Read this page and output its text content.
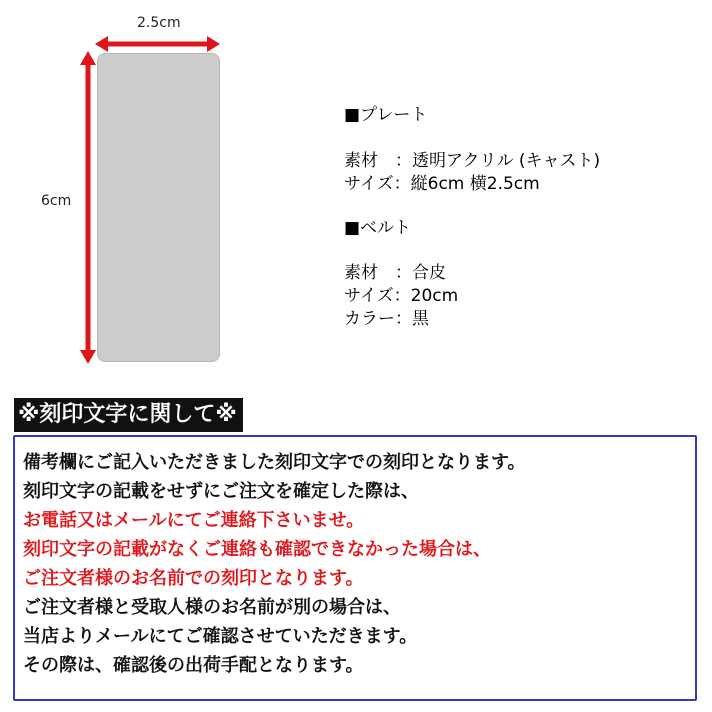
2.5cm
6cm
■プレート
素材　：透明アクリル (キャスト)
サイズ：縦6cm 横2.5cm
■ベルト
素材　：合皮
サイズ：20cm
カラー：黒
※刻印文字に関して※
備考欄にご記入いただきました刻印文字での刻印となります。
刻印文字の記載をせずにご注文を確定した際は、
お電話又はメールにてご連絡下さいませ。
刻印文字の記載がなくご連絡も確認できなかった場合は、
ご注文者様のお名前での刻印となります。
ご注文者様と受取人様のお名前が別の場合は、
当店よりメールにてご確認させていただきます。
その際は、確認後の出荷手配となります。
